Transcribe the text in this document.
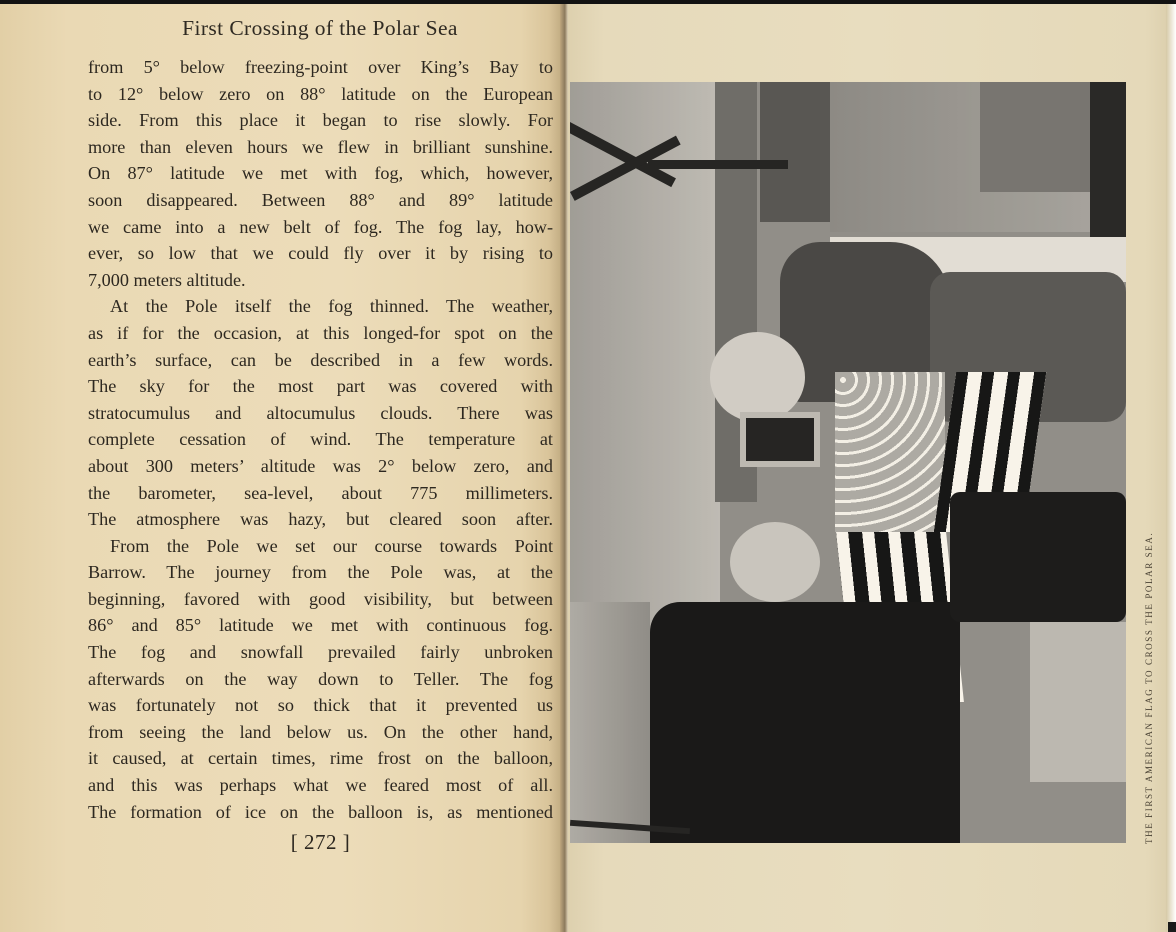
First Crossing of the Polar Sea

from 5° below freezing-point over King’s Bay to
to 12° below zero on 88° latitude on the European
side. From this place it began to rise slowly. For
more than eleven hours we flew in brilliant sunshine.
On 87° latitude we met with fog, which, however,
soon disappeared. Between 88° and 89° latitude
we came into a new belt of fog. The fog lay, how-
ever, so low that we could fly over it by rising to
7,000 meters altitude.

At the Pole itself the fog thinned. The weather,
as if for the occasion, at this longed-for spot on the
earth’s surface, can be described in a few words.
The sky for the most part was covered with
stratocumulus and altocumulus clouds. There was
complete cessation of wind. The temperature at
about 300 meters’ altitude was 2° below zero, and
the barometer, sea-level, about 775 millimeters.
The atmosphere was hazy, but cleared soon after.

From the Pole we set our course towards Point
Barrow. The journey from the Pole was, at the
beginning, favored with good visibility, but between
86° and 85° latitude we met with continuous fog.
The fog and snowfall prevailed fairly unbroken
afterwards on the way down to Teller. The fog
was fortunately not so thick that it prevented us
from seeing the land below us. On the other hand,
it caused, at certain times, rime frost on the balloon,
and this was perhaps what we feared most of all.
The formation of ice on the balloon is, as mentioned

[ 272 ]	THE FIRST AMERICAN FLAG TO CROSS THE POLAR SEA.
